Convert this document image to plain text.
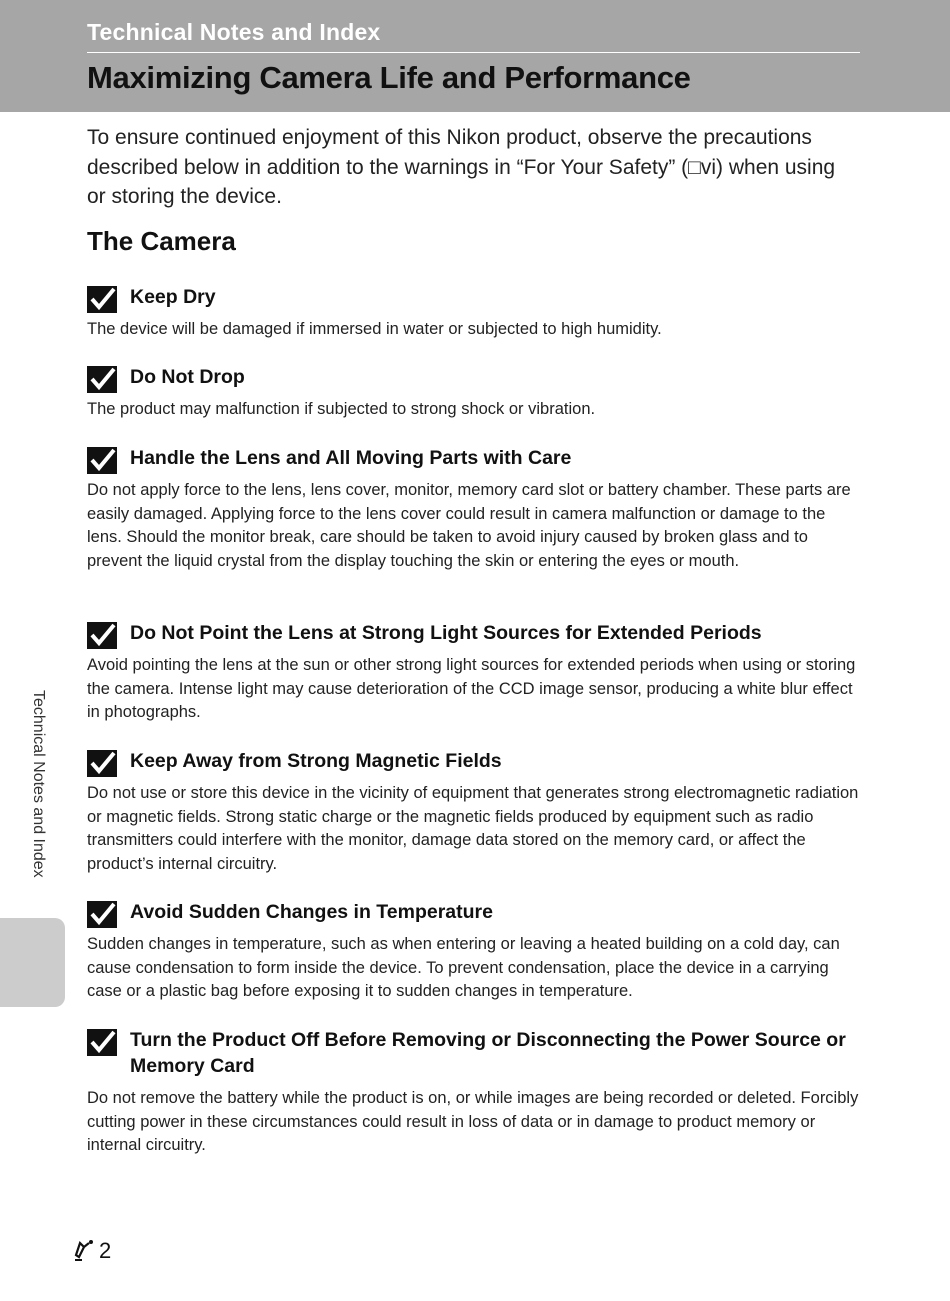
Technical Notes and Index
Maximizing Camera Life and Performance

To ensure continued enjoyment of this Nikon product, observe the precautions described below in addition to the warnings in “For Your Safety” (□vi) when using or storing the device.

The Camera
Keep Dry

The device will be damaged if immersed in water or subjected to high humidity.

Do Not Drop

The product may malfunction if subjected to strong shock or vibration.

Handle the Lens and All Moving Parts with Care

Do not apply force to the lens, lens cover, monitor, memory card slot or battery chamber. These parts are easily damaged. Applying force to the lens cover could result in camera malfunction or damage to the lens. Should the monitor break, care should be taken to avoid injury caused by broken glass and to prevent the liquid crystal from the display touching the skin or entering the eyes or mouth.

Do Not Point the Lens at Strong Light Sources for Extended Periods

Avoid pointing the lens at the sun or other strong light sources for extended periods when using or storing the camera. Intense light may cause deterioration of the CCD image sensor, producing a white blur effect in photographs.

Keep Away from Strong Magnetic Fields

Do not use or store this device in the vicinity of equipment that generates strong electromagnetic radiation or magnetic fields. Strong static charge or the magnetic fields produced by equipment such as radio transmitters could interfere with the monitor, damage data stored on the memory card, or affect the product’s internal circuitry.

Avoid Sudden Changes in Temperature

Sudden changes in temperature, such as when entering or leaving a heated building on a cold day, can cause condensation to form inside the device. To prevent condensation, place the device in a carrying case or a plastic bag before exposing it to sudden changes in temperature.

Turn the Product Off Before Removing or Disconnecting the Power Source or Memory Card

Do not remove the battery while the product is on, or while images are being recorded or deleted. Forcibly cutting power in these circumstances could result in loss of data or in damage to product memory or internal circuitry.

Technical Notes and Index
2
